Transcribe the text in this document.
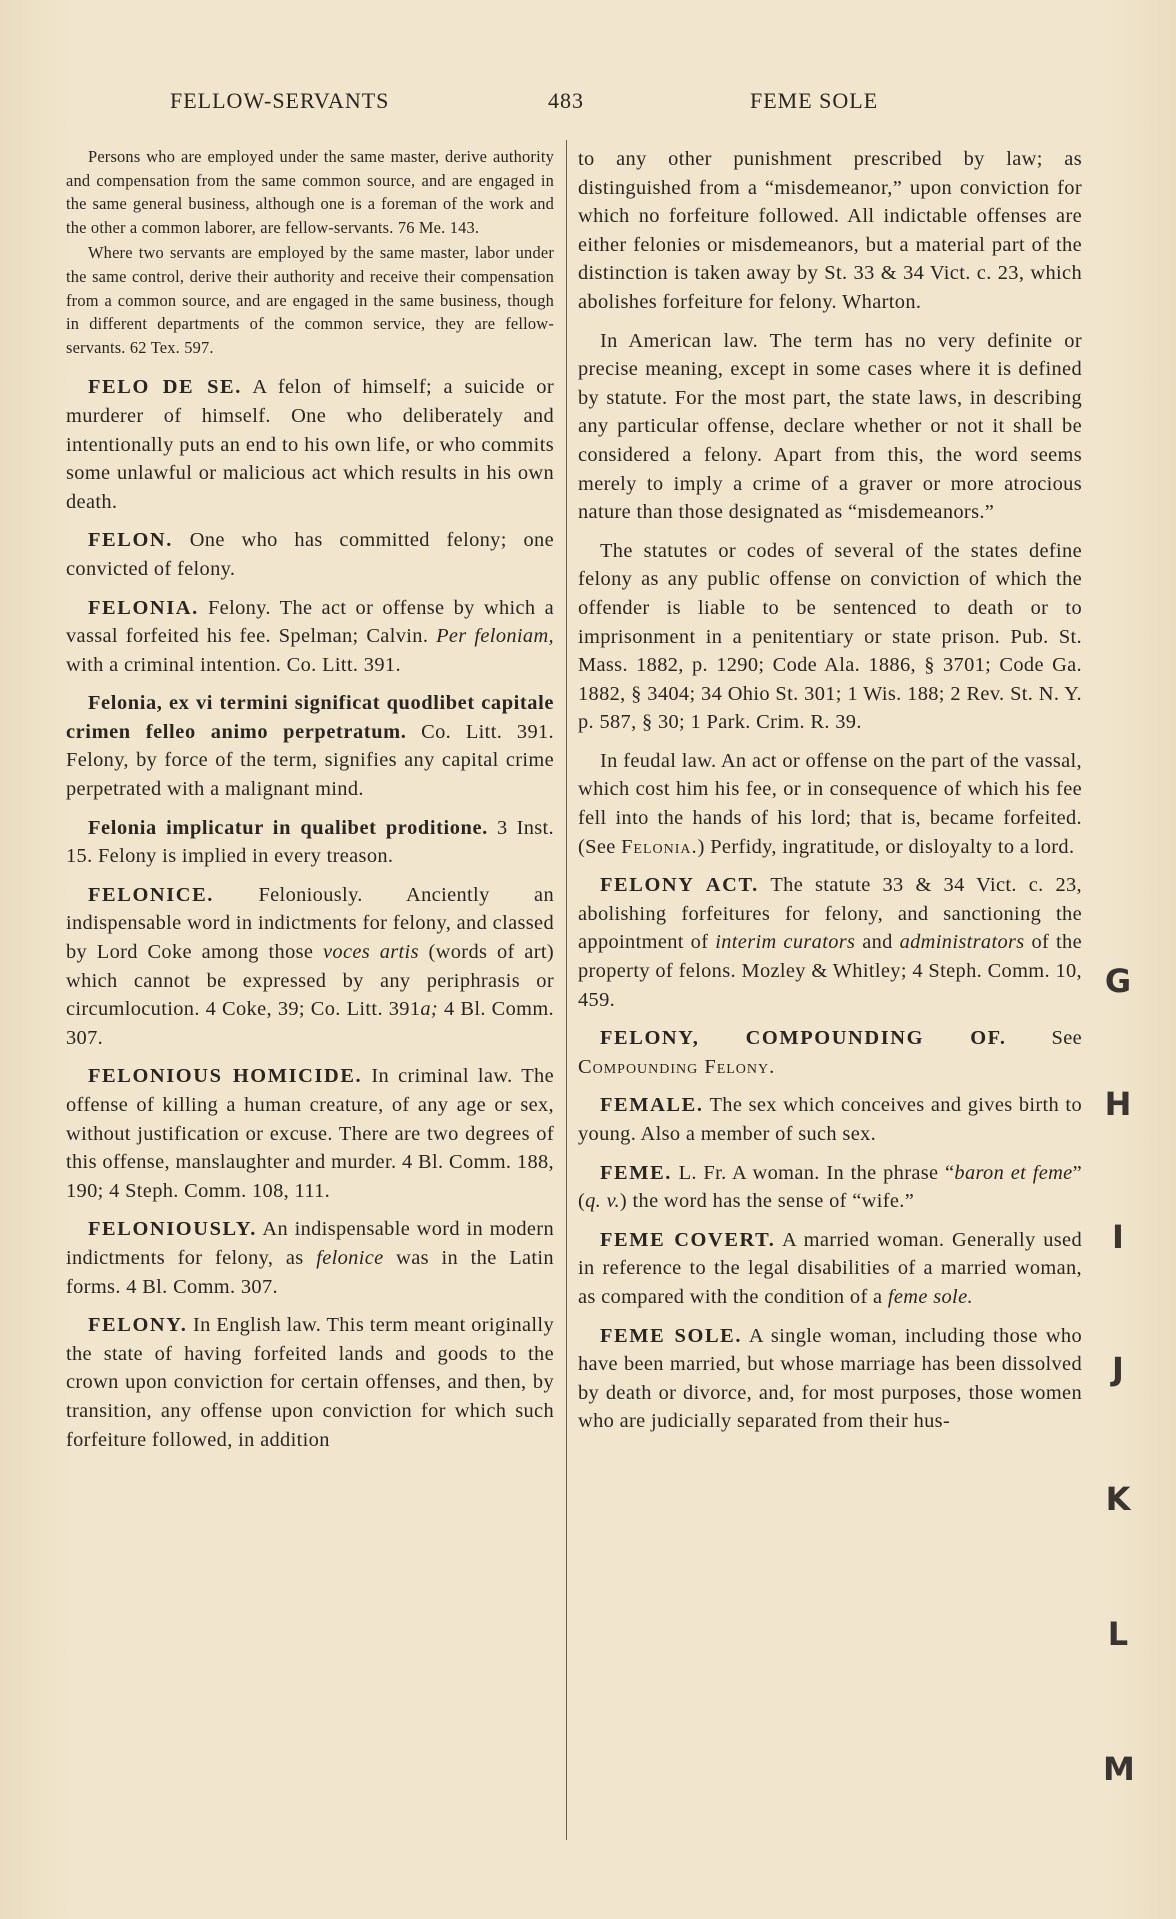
FELLOW-SERVANTS	483	FEME SOLE

Persons who are employed under the same master, derive authority and compensation from the same common source, and are engaged in the same general business, although one is a foreman of the work and the other a common laborer, are fellow-servants. 76 Me. 143.

Where two servants are employed by the same master, labor under the same control, derive their authority and receive their compensation from a common source, and are engaged in the same business, though in different departments of the common service, they are fellow-servants. 62 Tex. 597.

FELO DE SE. A felon of himself; a suicide or murderer of himself. One who deliberately and intentionally puts an end to his own life, or who commits some unlawful or malicious act which results in his own death.

FELON. One who has committed felony; one convicted of felony.

FELONIA. Felony. The act or offense by which a vassal forfeited his fee. Spelman; Calvin. Per feloniam, with a criminal intention. Co. Litt. 391.

Felonia, ex vi termini significat quodlibet capitale crimen felleo animo perpetratum. Co. Litt. 391. Felony, by force of the term, signifies any capital crime perpetrated with a malignant mind.

Felonia implicatur in qualibet proditione. 3 Inst. 15. Felony is implied in every treason.

FELONICE. Feloniously. Anciently an indispensable word in indictments for felony, and classed by Lord Coke among those voces artis (words of art) which cannot be expressed by any periphrasis or circumlocution. 4 Coke, 39; Co. Litt. 391a; 4 Bl. Comm. 307.

FELONIOUS HOMICIDE. In criminal law. The offense of killing a human creature, of any age or sex, without justification or excuse. There are two degrees of this offense, manslaughter and murder. 4 Bl. Comm. 188, 190; 4 Steph. Comm. 108, 111.

FELONIOUSLY. An indispensable word in modern indictments for felony, as felonice was in the Latin forms. 4 Bl. Comm. 307.

FELONY. In English law. This term meant originally the state of having forfeited lands and goods to the crown upon conviction for certain offenses, and then, by transition, any offense upon conviction for which such forfeiture followed, in addition

to any other punishment prescribed by law; as distinguished from a “misdemeanor,” upon conviction for which no forfeiture followed. All indictable offenses are either felonies or misdemeanors, but a material part of the distinction is taken away by St. 33 & 34 Vict. c. 23, which abolishes forfeiture for felony. Wharton.

In American law. The term has no very definite or precise meaning, except in some cases where it is defined by statute. For the most part, the state laws, in describing any particular offense, declare whether or not it shall be considered a felony. Apart from this, the word seems merely to imply a crime of a graver or more atrocious nature than those designated as “misdemeanors.”

The statutes or codes of several of the states define felony as any public offense on conviction of which the offender is liable to be sentenced to death or to imprisonment in a penitentiary or state prison. Pub. St. Mass. 1882, p. 1290; Code Ala. 1886, § 3701; Code Ga. 1882, § 3404; 34 Ohio St. 301; 1 Wis. 188; 2 Rev. St. N. Y. p. 587, § 30; 1 Park. Crim. R. 39.

In feudal law. An act or offense on the part of the vassal, which cost him his fee, or in consequence of which his fee fell into the hands of his lord; that is, became forfeited. (See Felonia.) Perfidy, ingratitude, or disloyalty to a lord.

FELONY ACT. The statute 33 & 34 Vict. c. 23, abolishing forfeitures for felony, and sanctioning the appointment of interim curators and administrators of the property of felons. Mozley & Whitley; 4 Steph. Comm. 10, 459.

FELONY, COMPOUNDING OF. See Compounding Felony.

FEMALE. The sex which conceives and gives birth to young. Also a member of such sex.

FEME. L. Fr. A woman. In the phrase “baron et feme” (q. v.) the word has the sense of “wife.”

FEME COVERT. A married woman. Generally used in reference to the legal disabilities of a married woman, as compared with the condition of a feme sole.

FEME SOLE. A single woman, including those who have been married, but whose marriage has been dissolved by death or divorce, and, for most purposes, those women who are judicially separated from their hus-

G
H
I
J
K
L
M
